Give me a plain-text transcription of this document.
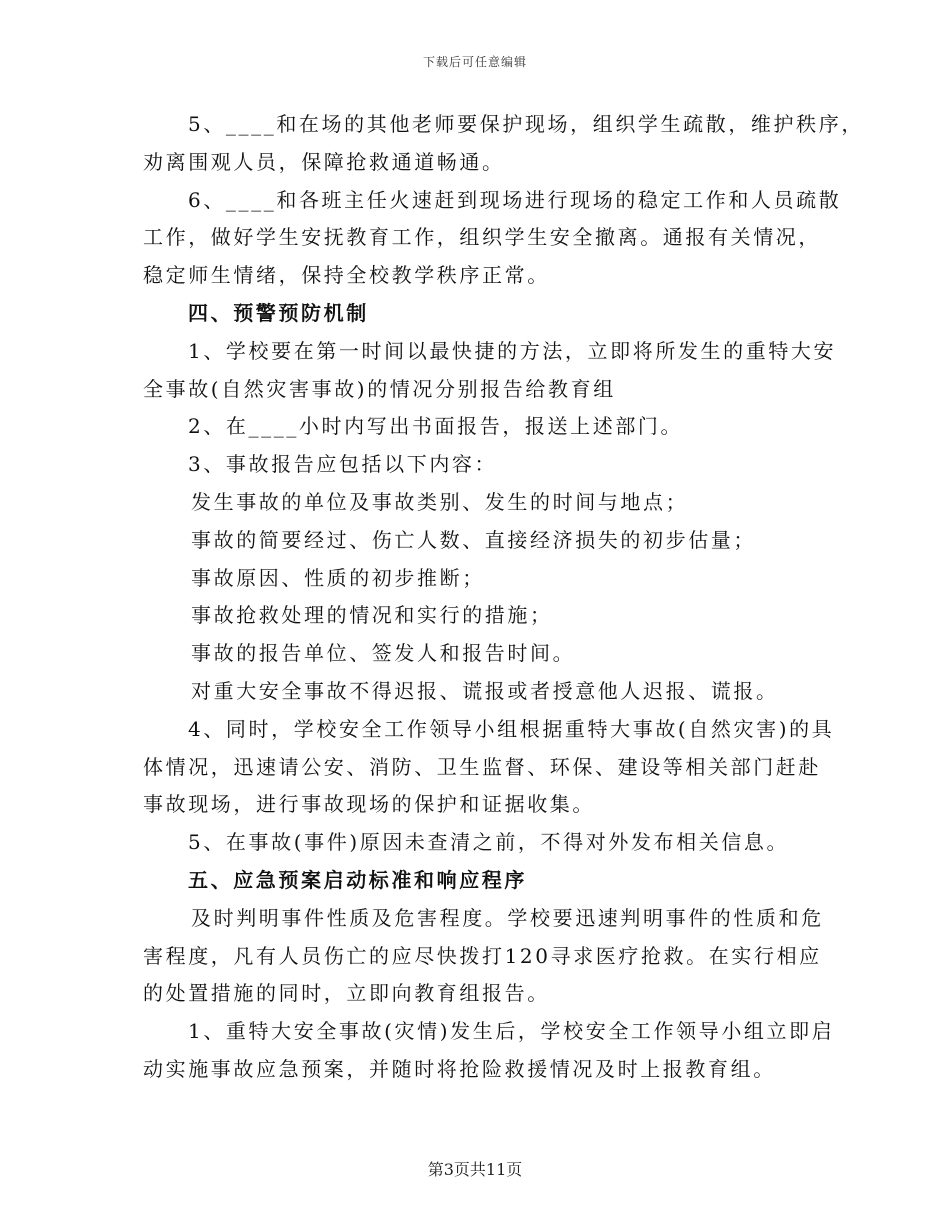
下载后可任意编辑
5、____和在场的其他老师要保护现场，组织学生疏散，维护秩序，
劝离围观人员，保障抢救通道畅通。
6、____和各班主任火速赶到现场进行现场的稳定工作和人员疏散
工作，做好学生安抚教育工作，组织学生安全撤离。通报有关情况，
稳定师生情绪，保持全校教学秩序正常。
四、预警预防机制
1、学校要在第一时间以最快捷的方法，立即将所发生的重特大安
全事故(自然灾害事故)的情况分别报告给教育组
2、在____小时内写出书面报告，报送上述部门。
3、事故报告应包括以下内容：
发生事故的单位及事故类别、发生的时间与地点；
事故的简要经过、伤亡人数、直接经济损失的初步估量；
事故原因、性质的初步推断；
事故抢救处理的情况和实行的措施；
事故的报告单位、签发人和报告时间。
对重大安全事故不得迟报、谎报或者授意他人迟报、谎报。
4、同时，学校安全工作领导小组根据重特大事故(自然灾害)的具
体情况，迅速请公安、消防、卫生监督、环保、建设等相关部门赶赴
事故现场，进行事故现场的保护和证据收集。
5、在事故(事件)原因未查清之前，不得对外发布相关信息。
五、应急预案启动标准和响应程序
及时判明事件性质及危害程度。学校要迅速判明事件的性质和危
害程度，凡有人员伤亡的应尽快拨打120寻求医疗抢救。在实行相应
的处置措施的同时，立即向教育组报告。
1、重特大安全事故(灾情)发生后，学校安全工作领导小组立即启
动实施事故应急预案，并随时将抢险救援情况及时上报教育组。
第3页共11页
